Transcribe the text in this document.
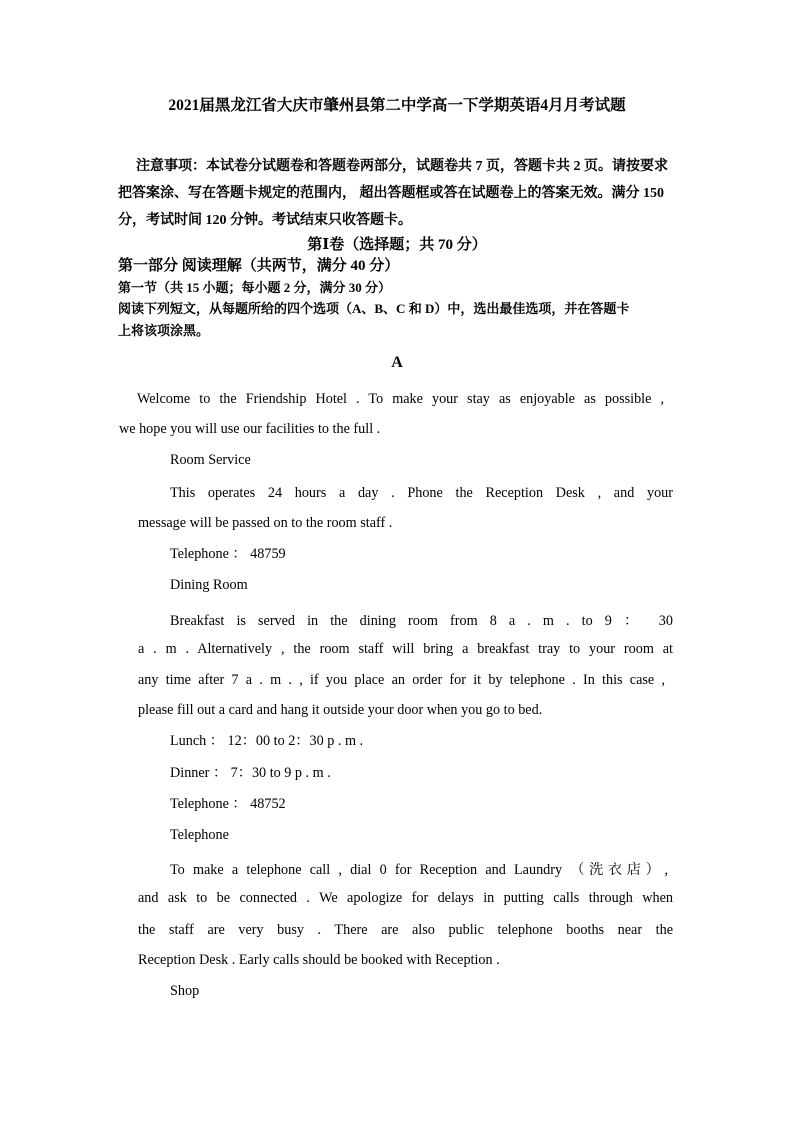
2021届黑龙江省大庆市肇州县第二中学高一下学期英语4月月考试题
注意事项：本试卷分试题卷和答题卷两部分，试题卷共 7 页，答题卡共 2 页。请按要求把答案涂、写在答题卡规定的范围内， 超出答题框或答在试题卷上的答案无效。满分 150 分，考试时间 120 分钟。考试结束只收答题卡。
第Ⅰ卷（选择题；共 70 分）
第一部分 阅读理解（共两节，满分 40 分）
第一节（共 15 小题；每小题 2 分，满分 30 分）
阅读下列短文，从每题所给的四个选项（A、B、C 和 D）中，选出最佳选项，并在答题卡
上将该项涂黑。
A
Welcome to the Friendship Hotel . To make your stay as enjoyable as possible ,
we hope you will use our facilities to the full .
Room Service
This operates 24 hours a day . Phone the Reception Desk , and your
message will be passed on to the room staff .
Telephone ： 48759
Dining Room
Breakfast is served in the dining room from 8 a . m . to 9 ： 30
a . m . Alternatively , the room staff will bring a breakfast tray to your room at
any time after 7 a . m . , if you place an order for it by telephone . In this case ,
please fill out a card and hang it outside your door when you go to bed.
Lunch ： 12：00 to 2：30 p . m .
Dinner ： 7：30 to 9 p . m .
Telephone ： 48752
Telephone
To make a telephone call , dial 0 for Reception and Laundry （洗衣店）,
and ask to be connected . We apologize for delays in putting calls through when
the staff are very busy . There are also public telephone booths near the
Reception Desk . Early calls should be booked with Reception .
Shop
